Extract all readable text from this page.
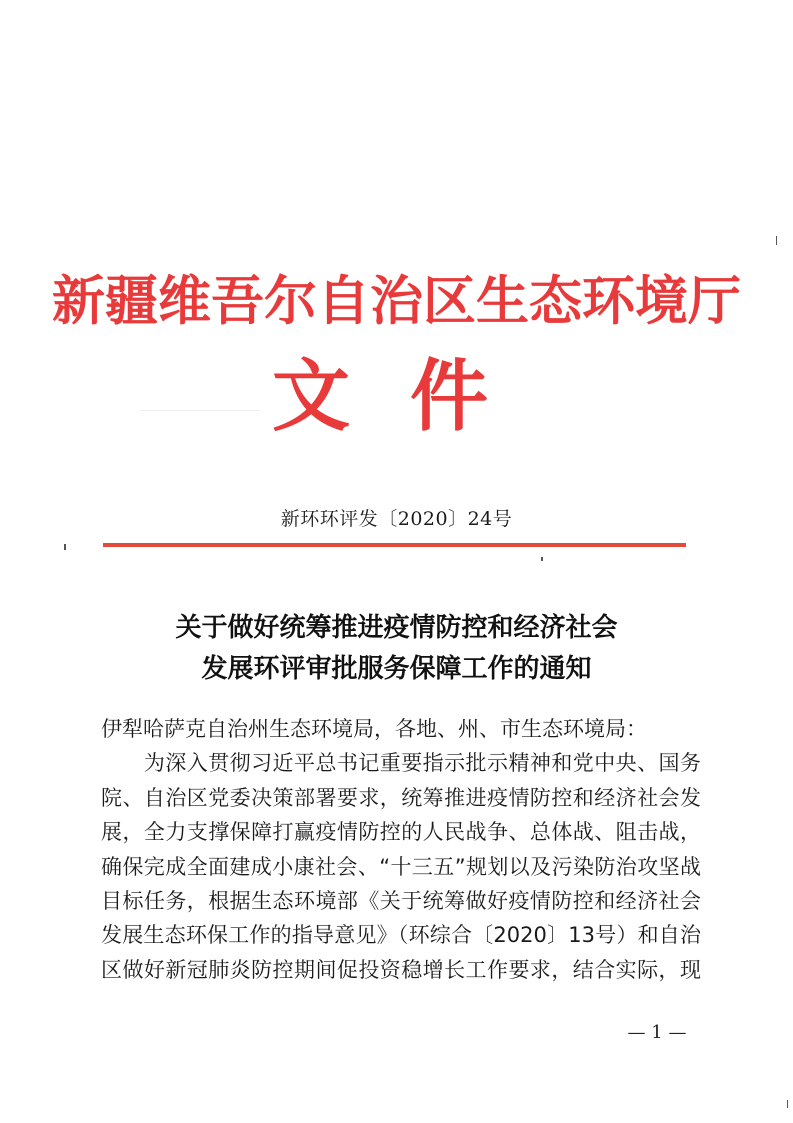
新疆维吾尔自治区生态环境厅
文件
新环环评发〔2020〕24号
关于做好统筹推进疫情防控和经济社会
发展环评审批服务保障工作的通知
伊犁哈萨克自治州生态环境局，各地、州、市生态环境局：
　　为深入贯彻习近平总书记重要指示批示精神和党中央、国务
院、自治区党委决策部署要求，统筹推进疫情防控和经济社会发
展，全力支撑保障打赢疫情防控的人民战争、总体战、阻击战，
确保完成全面建成小康社会、“十三五”规划以及污染防治攻坚战
目标任务，根据生态环境部《关于统筹做好疫情防控和经济社会
发展生态环保工作的指导意见》（环综合〔2020〕13号）和自治
区做好新冠肺炎防控期间促投资稳增长工作要求，结合实际，现
— 1 —
